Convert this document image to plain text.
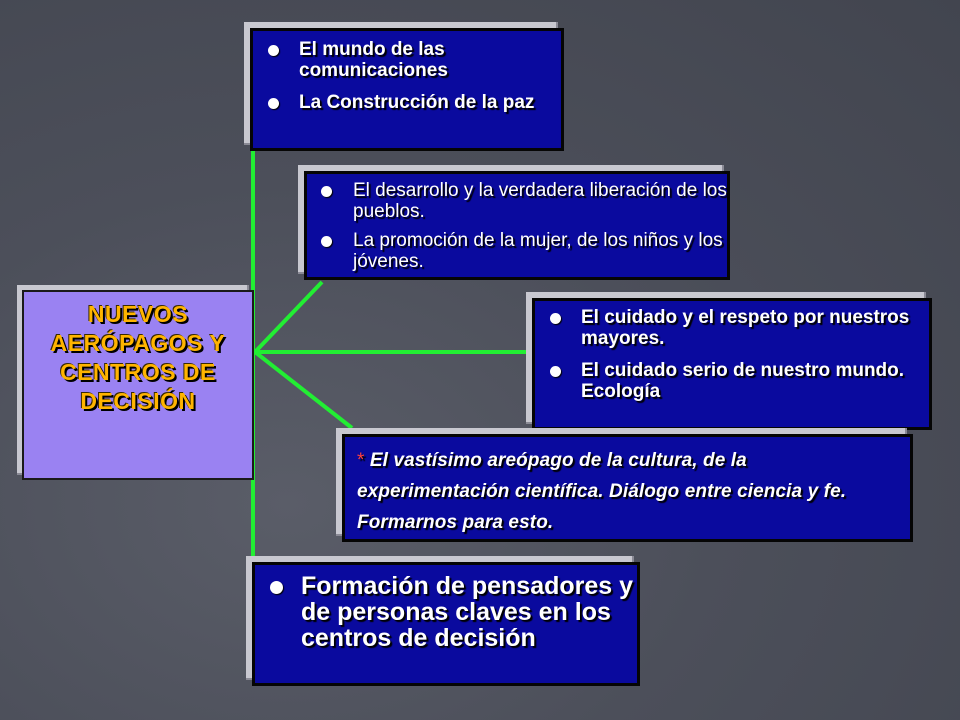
NUEVOS AERÓPAGOS Y CENTROS DE DECISIÓN
El mundo de las comunicaciones
La Construcción de la paz
El desarrollo y la verdadera liberación de los pueblos.
La promoción de la mujer, de los niños y los jóvenes.
El cuidado y el respeto por nuestros mayores.
El cuidado serio de nuestro mundo. Ecología
* El vastísimo areópago de la cultura, de la experimentación científica. Diálogo entre ciencia y fe. Formarnos para esto.
Formación de pensadores y de personas claves en los centros de decisión
